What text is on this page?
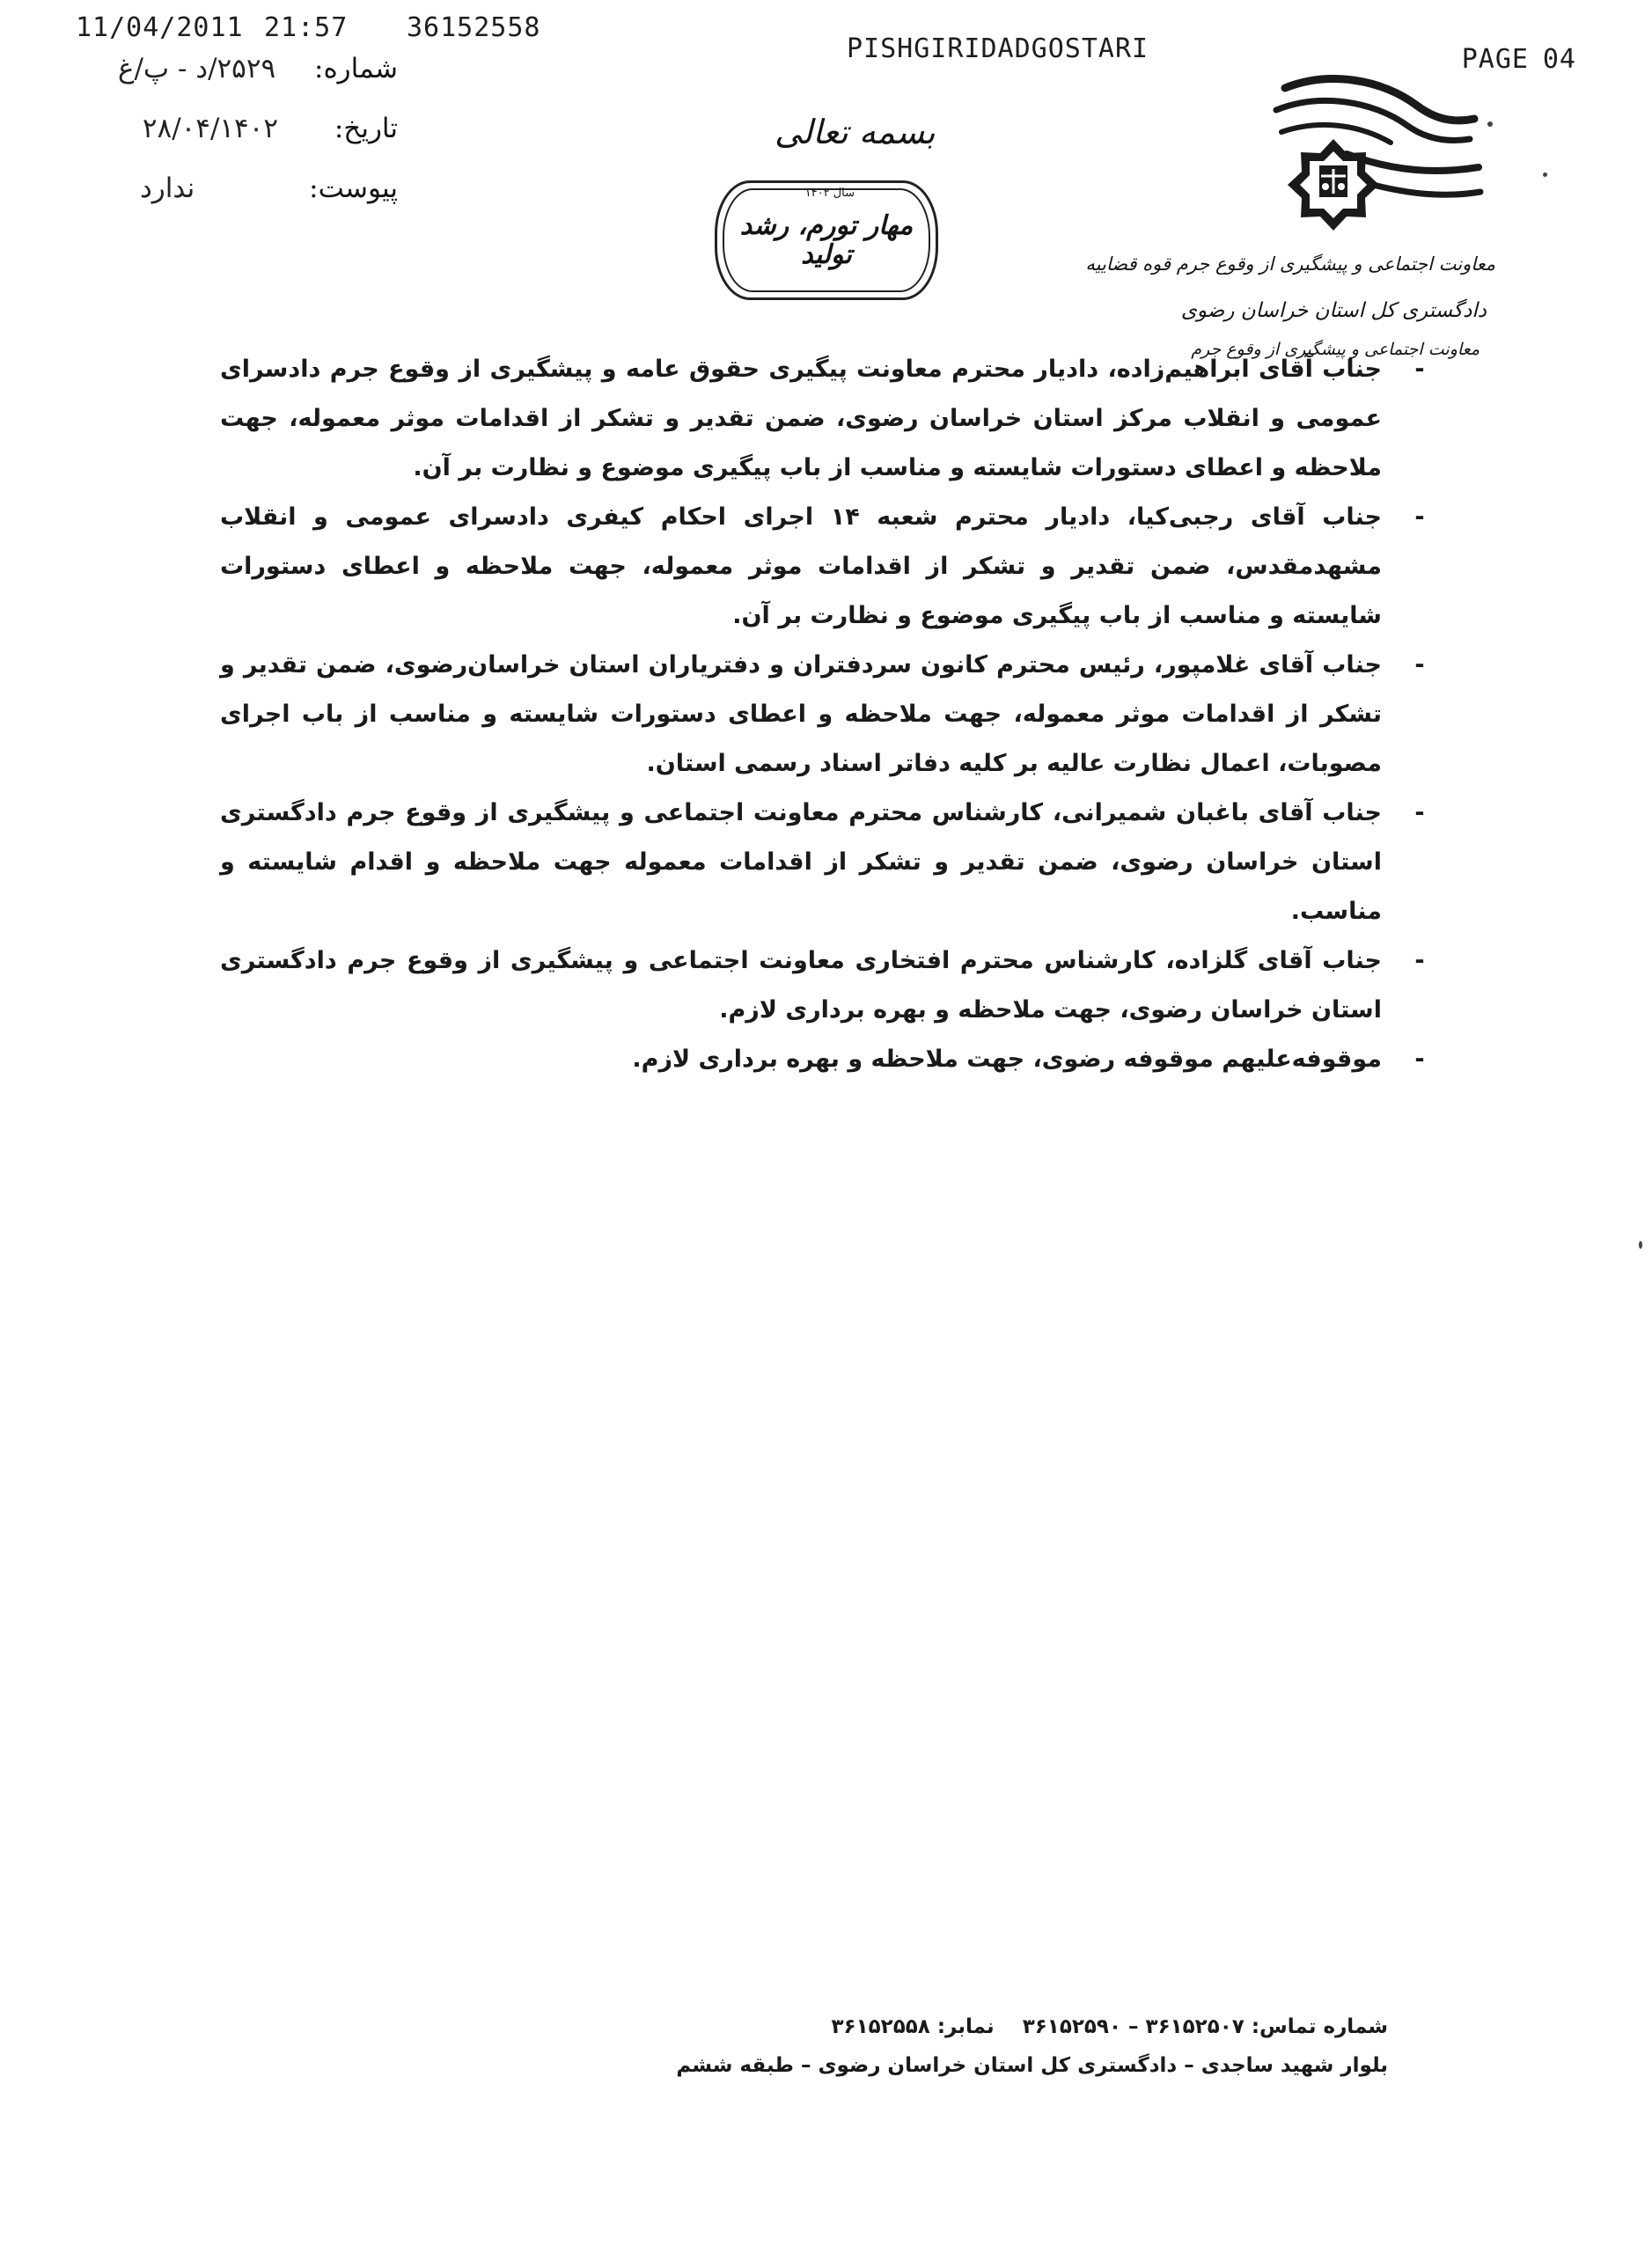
11/04/2011 21:57 36152558
PISHGIRIDADGOSTARI	PAGE 04
شماره: ۲۵۲۹/د - پ/غ
تاریخ: ۲۸/۰۴/۱۴۰۲
پیوست: ندارد
بسمه تعالی
سال ۱۴۰۲
مهار تورم، رشد تولید	معاونت اجتماعی و پیشگیری از وقوع جرم قوه قضاییه
دادگستری کل استان خراسان رضوی
معاونت اجتماعی و پیشگیری از وقوع جرم
-
جناب آقای ابراهیم‌زاده، دادیار محترم معاونت پیگیری حقوق عامه و پیشگیری از وقوع جرم دادسرای عمومی و انقلاب مرکز استان خراسان رضوی، ضمن تقدیر و تشکر از اقدامات موثر معموله، جهت ملاحظه و اعطای دستورات شایسته و مناسب از باب پیگیری موضوع و نظارت بر آن.
-
جناب آقای رجبی‌کیا، دادیار محترم شعبه ۱۴ اجرای احکام کیفری دادسرای عمومی و انقلاب مشهدمقدس، ضمن تقدیر و تشکر از اقدامات موثر معموله، جهت ملاحظه و اعطای دستورات شایسته و مناسب از باب پیگیری موضوع و نظارت بر آن.
-
جناب آقای غلامپور، رئیس محترم کانون سردفتران و دفتریاران استان خراسان‌رضوی، ضمن تقدیر و تشکر از اقدامات موثر معموله، جهت ملاحظه و اعطای دستورات شایسته و مناسب از باب اجرای مصوبات، اعمال نظارت عالیه بر کلیه دفاتر اسناد رسمی استان.
-
جناب آقای باغبان شمیرانی، کارشناس محترم معاونت اجتماعی و پیشگیری از وقوع جرم دادگستری استان خراسان رضوی، ضمن تقدیر و تشکر از اقدامات معموله جهت ملاحظه و اقدام شایسته و مناسب.
-
جناب آقای گلزاده، کارشناس محترم افتخاری معاونت اجتماعی و پیشگیری از وقوع جرم دادگستری استان خراسان رضوی، جهت ملاحظه و بهره برداری لازم.
-
موقوفه‌علیهم موقوفه رضوی، جهت ملاحظه و بهره برداری لازم.
شماره تماس: ۳۶۱۵۲۵۰۷ – ۳۶۱۵۲۵۹۰    نمابر: ۳۶۱۵۲۵۵۸
بلوار شهید ساجدی – دادگستری کل استان خراسان رضوی – طبقه ششم
